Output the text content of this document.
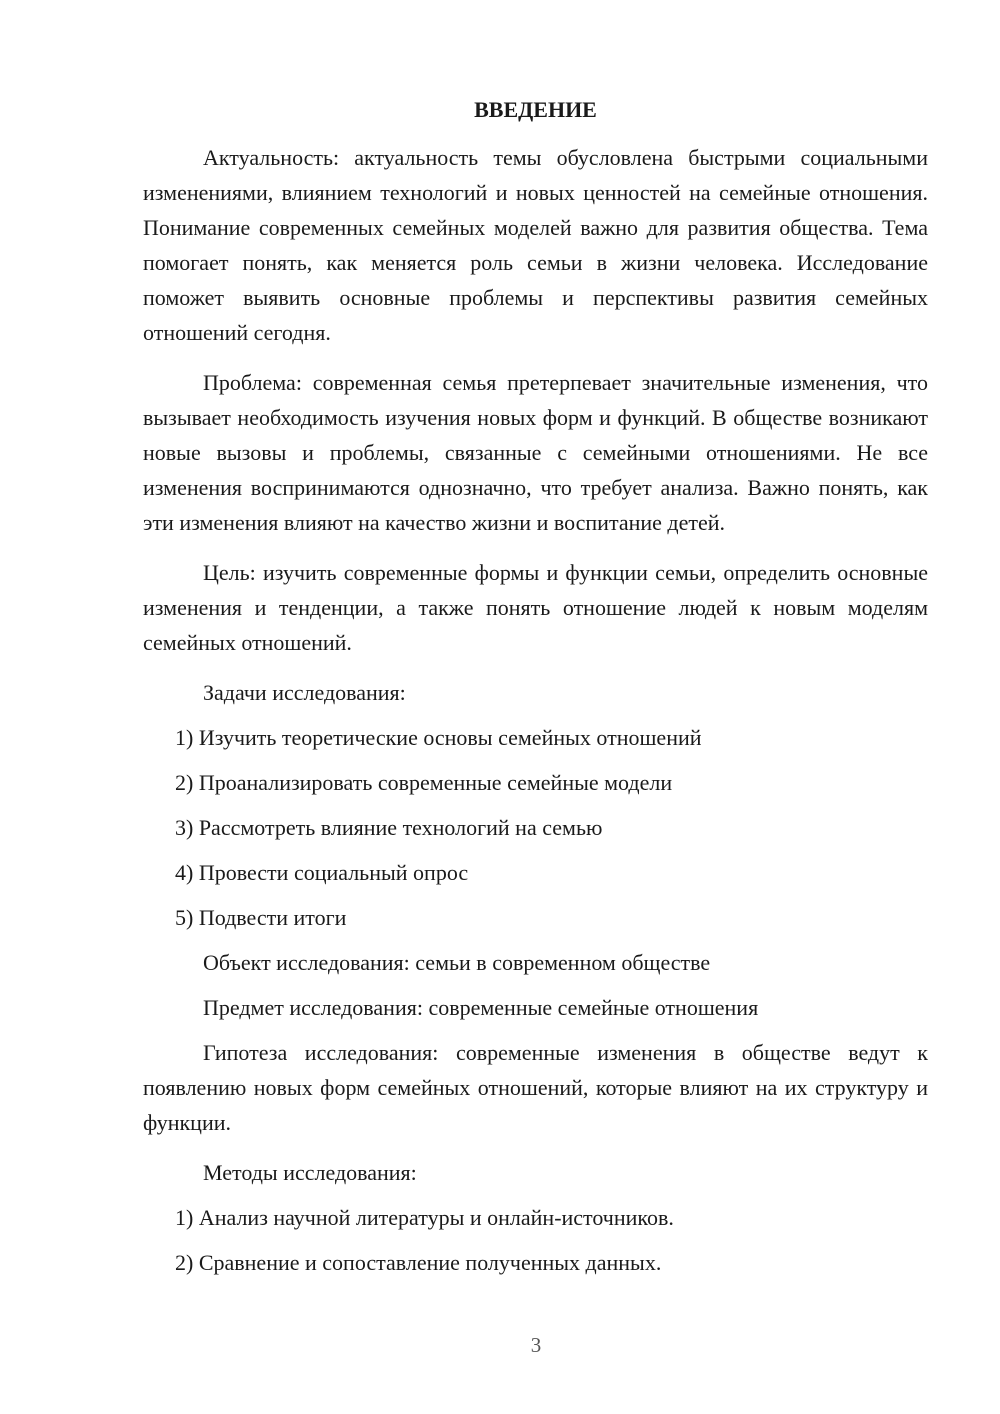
ВВЕДЕНИЕ
Актуальность: актуальность темы обусловлена быстрыми социальными изменениями, влиянием технологий и новых ценностей на семейные отношения. Понимание современных семейных моделей важно для развития общества. Тема помогает понять, как меняется роль семьи в жизни человека. Исследование поможет выявить основные проблемы и перспективы развития семейных отношений сегодня.
Проблема: современная семья претерпевает значительные изменения, что вызывает необходимость изучения новых форм и функций. В обществе возникают новые вызовы и проблемы, связанные с семейными отношениями. Не все изменения воспринимаются однозначно, что требует анализа. Важно понять, как эти изменения влияют на качество жизни и воспитание детей.
Цель: изучить современные формы и функции семьи, определить основные изменения и тенденции, а также понять отношение людей к новым моделям семейных отношений.
Задачи исследования:
1) Изучить теоретические основы семейных отношений
2) Проанализировать современные семейные модели
3) Рассмотреть влияние технологий на семью
4) Провести социальный опрос
5) Подвести итоги
Объект исследования: семьи в современном обществе
Предмет исследования: современные семейные отношения
Гипотеза исследования: современные изменения в обществе ведут к появлению новых форм семейных отношений, которые влияют на их структуру и функции.
Методы исследования:
1) Анализ научной литературы и онлайн-источников.
2) Сравнение и сопоставление полученных данных.
3
